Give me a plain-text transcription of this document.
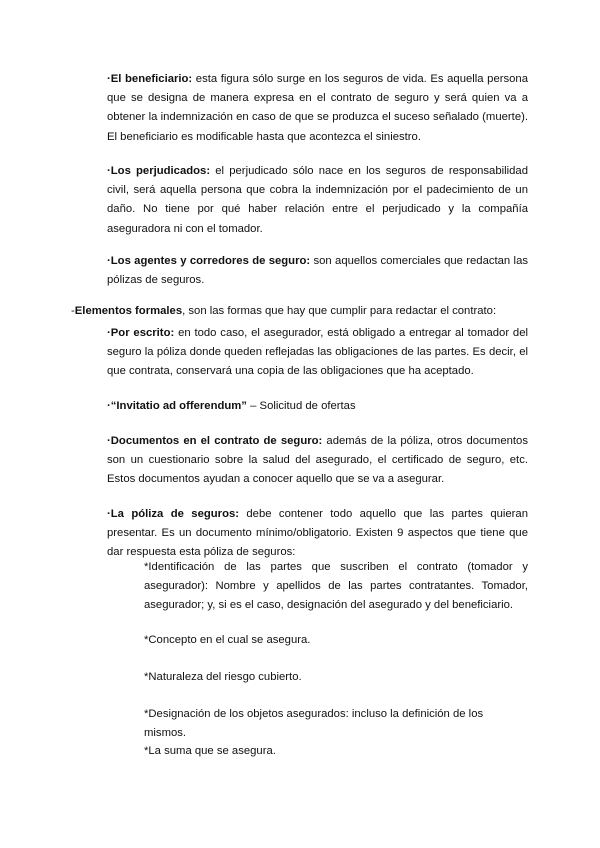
·El beneficiario: esta figura sólo surge en los seguros de vida. Es aquella persona que se designa de manera expresa en el contrato de seguro y será quien va a obtener la indemnización en caso de que se produzca el suceso señalado (muerte). El beneficiario es modificable hasta que acontezca el siniestro.

·Los perjudicados: el perjudicado sólo nace en los seguros de responsabilidad civil, será aquella persona que cobra la indemnización por el padecimiento de un daño. No tiene por qué haber relación entre el perjudicado y la compañía aseguradora ni con el tomador.

·Los agentes y corredores de seguro: son aquellos comerciales que redactan las pólizas de seguros.

-Elementos formales, son las formas que hay que cumplir para redactar el contrato:

·Por escrito: en todo caso, el asegurador, está obligado a entregar al tomador del seguro la póliza donde queden reflejadas las obligaciones de las partes. Es decir, el que contrata, conservará una copia de las obligaciones que ha aceptado.

·“Invitatio ad offerendum” – Solicitud de ofertas

·Documentos en el contrato de seguro: además de la póliza, otros documentos son un cuestionario sobre la salud del asegurado, el certificado de seguro, etc. Estos documentos ayudan a conocer aquello que se va a asegurar.

·La póliza de seguros: debe contener todo aquello que las partes quieran presentar. Es un documento mínimo/obligatorio. Existen 9 aspectos que tiene que dar respuesta esta póliza de seguros:

*Identificación de las partes que suscriben el contrato (tomador y asegurador): Nombre y apellidos de las partes contratantes. Tomador, asegurador; y, si es el caso, designación del asegurado y del beneficiario.

*Concepto en el cual se asegura.

*Naturaleza del riesgo cubierto.

*Designación de los objetos asegurados: incluso la definición de los mismos.

*La suma que se asegura.
